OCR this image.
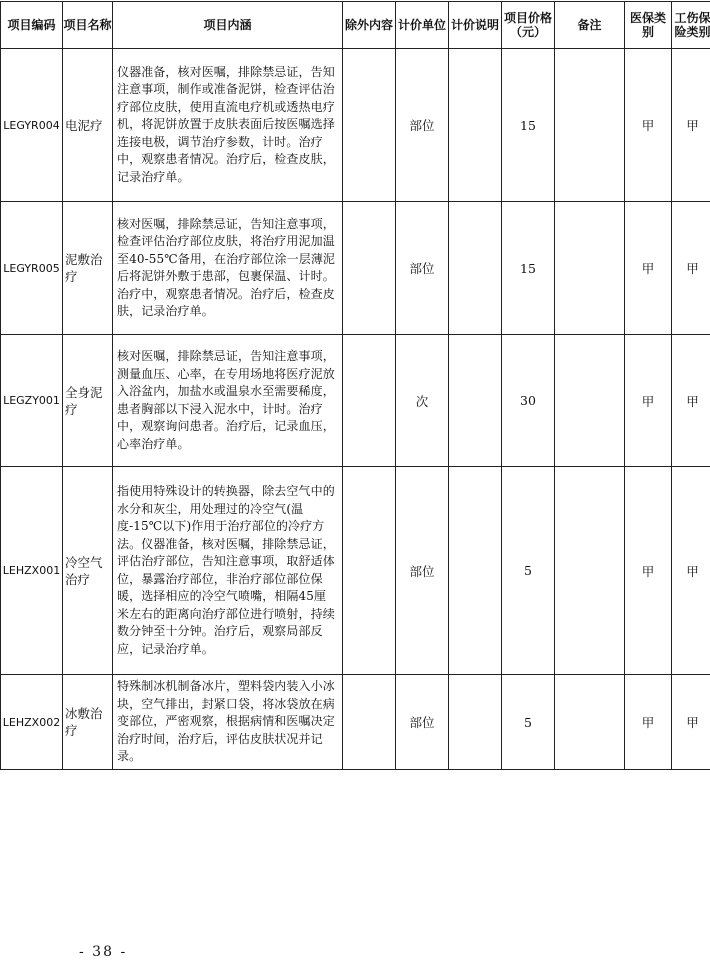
项目编码	项目名称	项目内涵	除外内容	计价单位	计价说明	项目价格（元）	备注	医保类别	工伤保险类别
LEGYR004	电泥疗	仪器准备，核对医嘱，排除禁忌证，告知注意事项，制作或准备泥饼，检查评估治疗部位皮肤，使用直流电疗机或透热电疗机，将泥饼放置于皮肤表面后按医嘱选择连接电极，调节治疗参数，计时。治疗中，观察患者情况。治疗后，检查皮肤，记录治疗单。		部位		15		甲	甲
LEGYR005	泥敷治疗	核对医嘱，排除禁忌证，告知注意事项，检查评估治疗部位皮肤，将治疗用泥加温至40-55℃备用，在治疗部位涂一层薄泥后将泥饼外敷于患部，包裹保温、计时。治疗中，观察患者情况。治疗后，检查皮肤，记录治疗单。		部位		15		甲	甲
LEGZY001	全身泥疗	核对医嘱，排除禁忌证，告知注意事项，测量血压、心率，在专用场地将医疗泥放入浴盆内，加盐水或温泉水至需要稀度，患者胸部以下浸入泥水中，计时。治疗中，观察询问患者。治疗后，记录血压，心率治疗单。		次		30		甲	甲
LEHZX001	冷空气治疗	指使用特殊设计的转换器，除去空气中的水分和灰尘，用处理过的冷空气(温度-15℃以下)作用于治疗部位的冷疗方法。仪器准备，核对医嘱，排除禁忌证，评估治疗部位，告知注意事项，取舒适体位，暴露治疗部位，非治疗部位部位保暖，选择相应的冷空气喷嘴，相隔45厘米左右的距离向治疗部位进行喷射，持续数分钟至十分钟。治疗后，观察局部反应，记录治疗单。		部位		5		甲	甲
LEHZX002	冰敷治疗	特殊制冰机制备冰片，塑料袋内装入小冰块，空气排出，封紧口袋，将冰袋放在病变部位，严密观察，根据病情和医嘱决定治疗时间，治疗后，评估皮肤状况并记录。		部位		5		甲	甲
- 38 -
